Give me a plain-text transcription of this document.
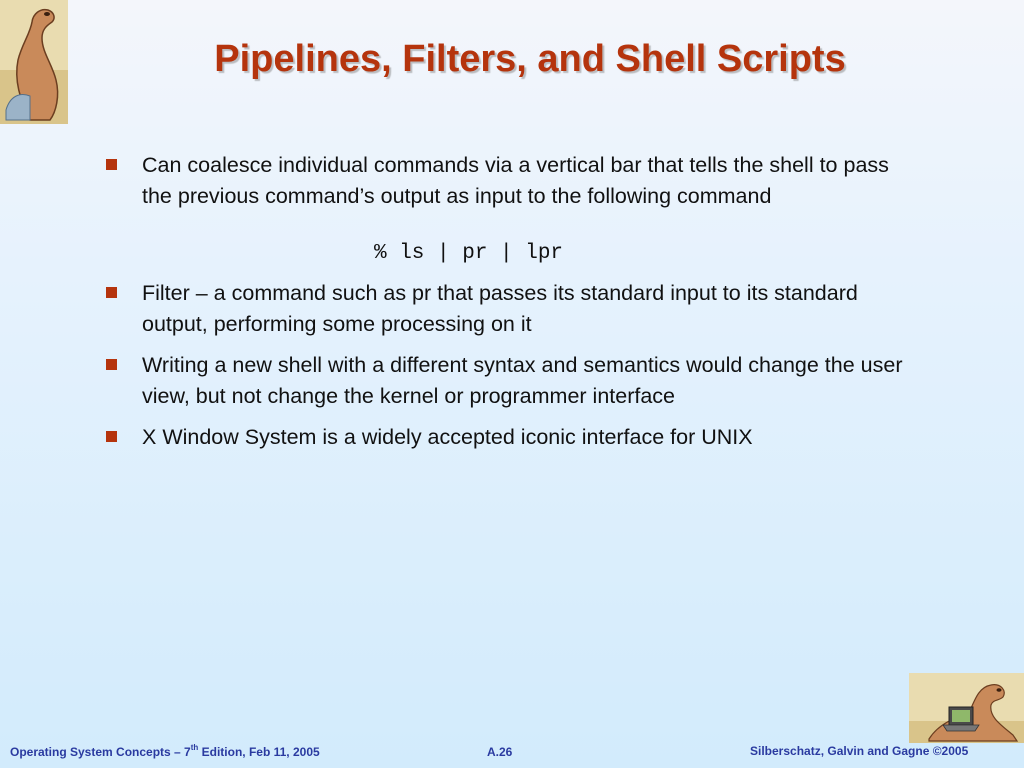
Pipelines, Filters, and Shell Scripts
Can coalesce individual commands via a vertical bar that tells the shell to pass the previous command’s output as input to the following command
% ls | pr | lpr
Filter – a command such as pr that passes its standard input to its standard output, performing some processing on it
Writing a new shell with a different syntax and semantics would change the user view, but not change the kernel or programmer interface
X Window System is a widely accepted iconic interface for UNIX
Operating System Concepts – 7th Edition, Feb 11, 2005	A.26	Silberschatz, Galvin and Gagne ©2005
